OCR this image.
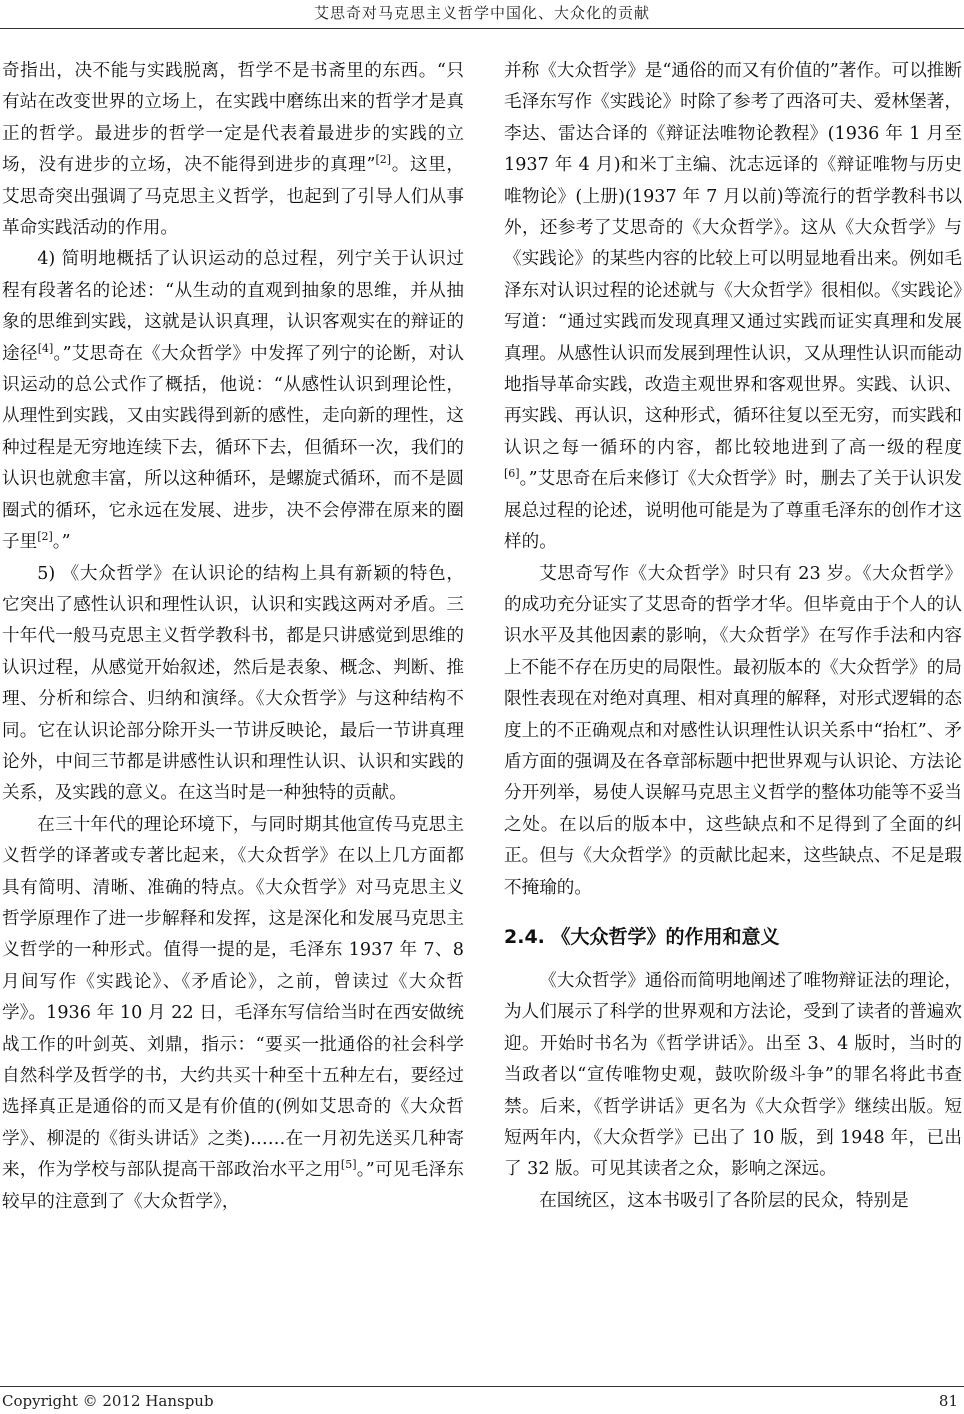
艾思奇对马克思主义哲学中国化、大众化的贡献

奇指出，决不能与实践脱离，哲学不是书斋里的东西。“只有站在改变世界的立场上，在实践中磨练出来的哲学才是真正的哲学。最进步的哲学一定是代表着最进步的实践的立场，没有进步的立场，决不能得到进步的真理”[2]。这里，艾思奇突出强调了马克思主义哲学，也起到了引导人们从事革命实践活动的作用。

4) 简明地概括了认识运动的总过程，列宁关于认识过程有段著名的论述：“从生动的直观到抽象的思维，并从抽象的思维到实践，这就是认识真理，认识客观实在的辩证的途径[4]。”艾思奇在《大众哲学》中发挥了列宁的论断，对认识运动的总公式作了概括，他说：“从感性认识到理论性，从理性到实践，又由实践得到新的感性，走向新的理性，这种过程是无穷地连续下去，循环下去，但循环一次，我们的认识也就愈丰富，所以这种循环，是螺旋式循环，而不是圆圈式的循环，它永远在发展、进步，决不会停滞在原来的圈子里[2]。”

5) 《大众哲学》在认识论的结构上具有新颖的特色，它突出了感性认识和理性认识，认识和实践这两对矛盾。三十年代一般马克思主义哲学教科书，都是只讲感觉到思维的认识过程，从感觉开始叙述，然后是表象、概念、判断、推理、分析和综合、归纳和演绎。《大众哲学》与这种结构不同。它在认识论部分除开头一节讲反映论，最后一节讲真理论外，中间三节都是讲感性认识和理性认识、认识和实践的关系，及实践的意义。在这当时是一种独特的贡献。

在三十年代的理论环境下，与同时期其他宣传马克思主义哲学的译著或专著比起来，《大众哲学》在以上几方面都具有简明、清晰、准确的特点。《大众哲学》对马克思主义哲学原理作了进一步解释和发挥，这是深化和发展马克思主义哲学的一种形式。值得一提的是，毛泽东 1937 年 7、8 月间写作《实践论》、《矛盾论》，之前，曾读过《大众哲学》。1936 年 10 月 22 日，毛泽东写信给当时在西安做统战工作的叶剑英、刘鼎，指示：“要买一批通俗的社会科学自然科学及哲学的书，大约共买十种至十五种左右，要经过选择真正是通俗的而又是有价值的(例如艾思奇的《大众哲学》、柳湜的《街头讲话》之类)……在一月初先送买几种寄来，作为学校与部队提高干部政治水平之用[5]。”可见毛泽东较早的注意到了《大众哲学》，

并称《大众哲学》是“通俗的而又有价值的”著作。可以推断毛泽东写作《实践论》时除了参考了西洛可夫、爱林堡著，李达、雷达合译的《辩证法唯物论教程》(1936 年 1 月至 1937 年 4 月)和米丁主编、沈志远译的《辩证唯物与历史唯物论》(上册)(1937 年 7 月以前)等流行的哲学教科书以外，还参考了艾思奇的《大众哲学》。这从《大众哲学》与《实践论》的某些内容的比较上可以明显地看出来。例如毛泽东对认识过程的论述就与《大众哲学》很相似。《实践论》写道：“通过实践而发现真理又通过实践而证实真理和发展真理。从感性认识而发展到理性认识，又从理性认识而能动地指导革命实践，改造主观世界和客观世界。实践、认识、再实践、再认识，这种形式，循环往复以至无穷，而实践和认识之每一循环的内容，都比较地进到了高一级的程度[6]。”艾思奇在后来修订《大众哲学》时，删去了关于认识发展总过程的论述，说明他可能是为了尊重毛泽东的创作才这样的。

艾思奇写作《大众哲学》时只有 23 岁。《大众哲学》的成功充分证实了艾思奇的哲学才华。但毕竟由于个人的认识水平及其他因素的影响，《大众哲学》在写作手法和内容上不能不存在历史的局限性。最初版本的《大众哲学》的局限性表现在对绝对真理、相对真理的解释，对形式逻辑的态度上的不正确观点和对感性认识理性认识关系中“抬杠”、矛盾方面的强调及在各章部标题中把世界观与认识论、方法论分开列举，易使人误解马克思主义哲学的整体功能等不妥当之处。在以后的版本中，这些缺点和不足得到了全面的纠正。但与《大众哲学》的贡献比起来，这些缺点、不足是瑕不掩瑜的。

2.4. 《大众哲学》的作用和意义

《大众哲学》通俗而简明地阐述了唯物辩证法的理论，为人们展示了科学的世界观和方法论，受到了读者的普遍欢迎。开始时书名为《哲学讲话》。出至 3、4 版时，当时的当政者以“宣传唯物史观，鼓吹阶级斗争”的罪名将此书查禁。后来，《哲学讲话》更名为《大众哲学》继续出版。短短两年内，《大众哲学》已出了 10 版，到 1948 年，已出了 32 版。可见其读者之众，影响之深远。

在国统区，这本书吸引了各阶层的民众，特别是

Copyright © 2012 Hanspub	81
